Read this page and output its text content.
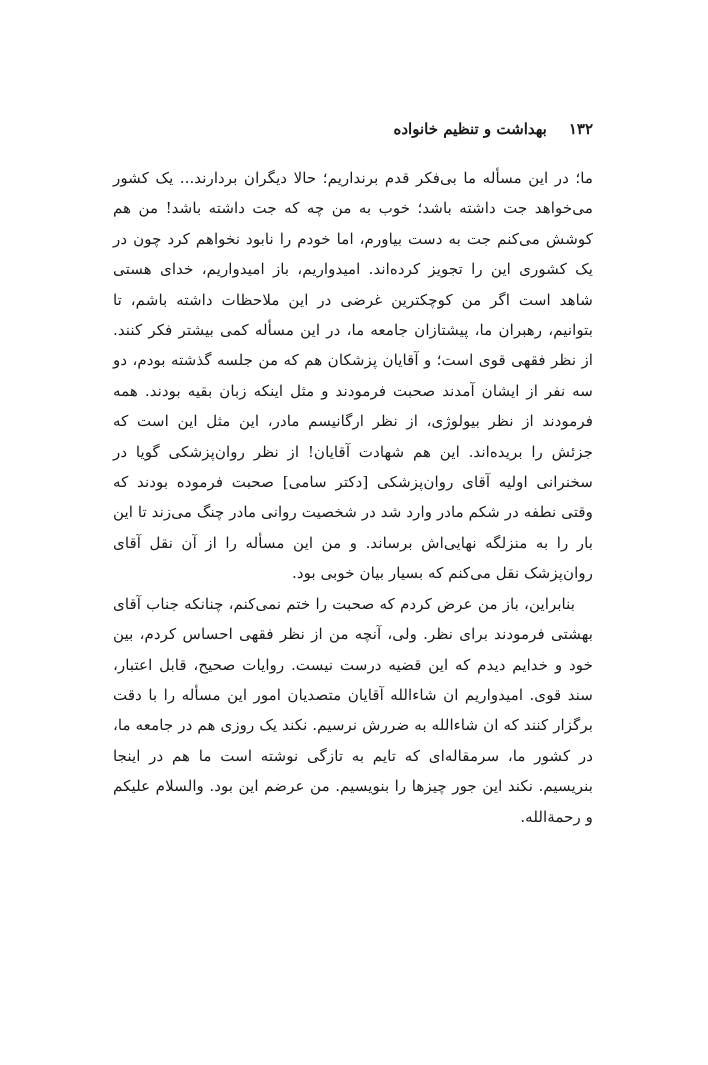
۱۳۲
بهداشت و تنظیم خانواده

ما؛ در این مسأله ما بی‌فکر قدم برنداریم؛ حالا دیگران بردارند... یک کشور می‌خواهد جت داشته باشد؛ خوب به من چه که جت داشته باشد! من هم کوشش می‌کنم جت به دست بیاورم، اما خودم را نابود نخواهم کرد چون در یک کشوری این را تجویز کرده‌اند. امیدواریم، باز امیدواریم، خدای هستی شاهد است اگر من کوچکترین غرضی در این ملاحظات داشته باشم، تا بتوانیم، رهبران ما، پیشتازان جامعه ما، در این مسأله کمی بیشتر فکر کنند. از نظر فقهی قوی است؛ و آقایان پزشکان هم که من جلسه گذشته بودم، دو سه نفر از ایشان آمدند صحبت فرمودند و مثل اینکه زبان بقیه بودند. همه فرمودند از نظر بیولوژی، از نظر ارگانیسم مادر، این مثل این است که جزئش را بریده‌اند. این هم شهادت آقایان! از نظر روان‌پزشکی گویا در سخنرانی اولیه آقای روان‌پزشکی [دکتر سامی] صحبت فرموده بودند که وقتی نطفه در شکم مادر وارد شد در شخصیت روانی مادر چنگ می‌زند تا این بار را به منزلگه نهایی‌اش برساند. و من این مسأله را از آن نقل آقای روان‌پزشک نقل می‌کنم که بسیار بیان خوبی بود.

بنابراین، باز من عرض کردم که صحبت را ختم نمی‌کنم، چنانکه جناب آقای بهشتی فرمودند برای نظر. ولی، آنچه من از نظر فقهی احساس کردم، بین خود و خدایم دیدم که این قضیه درست نیست. روایات صحیح، قابل اعتبار، سند قوی. امیدواریم ان شاءالله آقایان متصدیان امور این مسأله را با دقت برگزار کنند که ان شاءالله به ضررش نرسیم. نکند یک روزی هم در جامعه ما، در کشور ما، سرمقاله‌ای که تایم به تازگی نوشته است ما هم در اینجا بنریسیم. نکند این جور چیزها را بنویسیم. من عرضم این بود. والسلام علیکم و رحمةالله.
